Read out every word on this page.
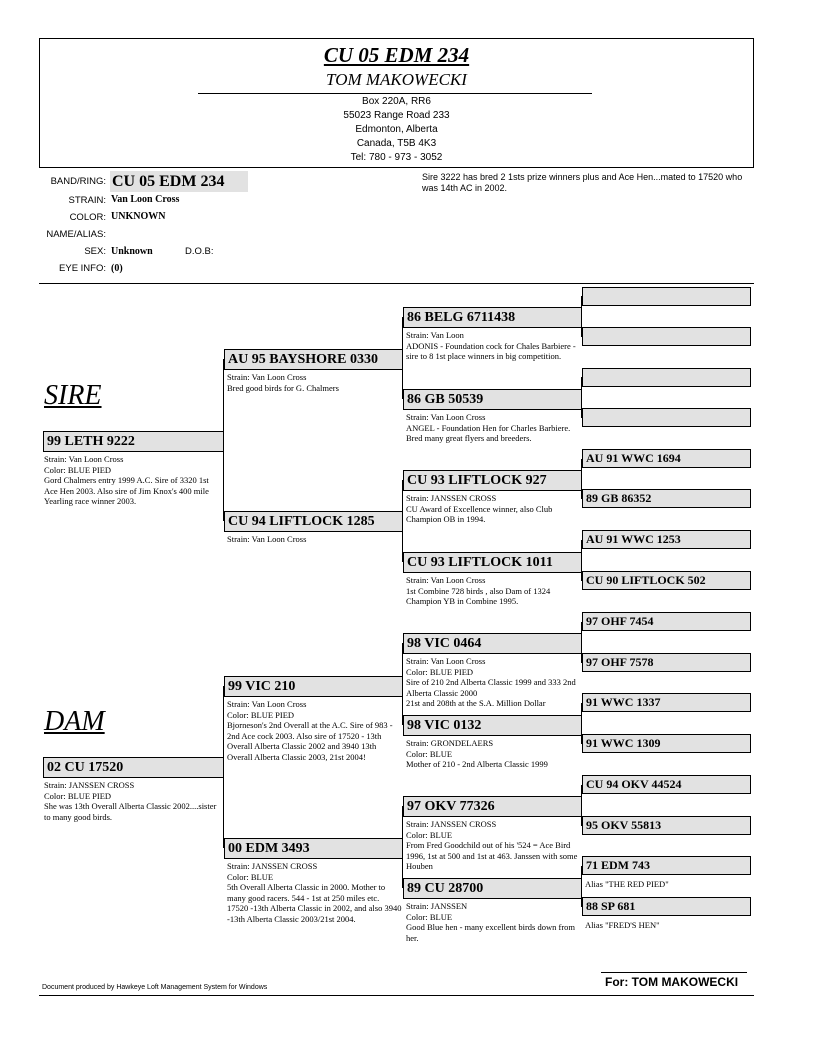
CU 05 EDM 234
TOM MAKOWECKI
Box 220A, RR6
55023 Range Road 233
Edmonton, Alberta
Canada, T5B 4K3
Tel: 780 - 973 - 3052
BAND/RING: CU 05 EDM 234
STRAIN: Van Loon Cross
COLOR: UNKNOWN
NAME/ALIAS:
SEX: Unknown	D.O.B:
EYE INFO: (0)
Sire 3222 has bred 2 1sts prize winners plus and Ace Hen...mated to 17520 who was 14th AC in 2002.
SIRE
DAM
99 LETH 9222
Strain: Van Loon Cross
Color: BLUE PIED
Gord Chalmers entry 1999 A.C. Sire of 3320 1st Ace Hen 2003. Also sire of Jim Knox's 400 mile Yearling race winner 2003.
02 CU 17520
Strain: JANSSEN CROSS
Color: BLUE PIED
She was 13th Overall Alberta Classic 2002....sister to many good birds.
AU 95 BAYSHORE 0330
Strain: Van Loon Cross
Bred good birds for G. Chalmers
CU 94 LIFTLOCK 1285
Strain: Van Loon Cross
99 VIC 210
Strain: Van Loon Cross
Color: BLUE PIED
Bjorneson's 2nd Overall at the A.C. Sire of 983 - 2nd Ace cock 2003. Also sire of 17520 - 13th Overall Alberta Classic 2002 and 3940 13th Overall Alberta Classic 2003, 21st 2004!
00 EDM 3493
Strain: JANSSEN CROSS
Color: BLUE
5th Overall Alberta Classic in 2000. Mother to many good racers. 544 - 1st at 250 miles etc. 17520 -13th Alberta Classic in 2002, and also 3940 -13th Alberta Classic 2003/21st 2004.
86 BELG 6711438
Strain: Van Loon
ADONIS - Foundation cock for Chales Barbiere - sire to 8 1st place winners in big competition.
86 GB 50539
Strain: Van Loon Cross
ANGEL - Foundation Hen for Charles Barbiere. Bred many great flyers and breeders.
CU 93 LIFTLOCK 927
Strain: JANSSEN CROSS
CU Award of Excellence winner, also Club Champion OB in 1994.
CU 93 LIFTLOCK 1011
Strain: Van Loon Cross
1st Combine 728 birds , also Dam of 1324 Champion YB in Combine 1995.
98 VIC 0464
Strain: Van Loon Cross
Color: BLUE PIED
Sire of 210 2nd Alberta Classic 1999 and 333 2nd Alberta Classic 2000
21st and 208th at the S.A. Million Dollar
98 VIC 0132
Strain: GRONDELAERS
Color: BLUE
Mother of 210 - 2nd Alberta Classic 1999
97 OKV 77326
Strain: JANSSEN CROSS
Color: BLUE
From Fred Goodchild out of his '524 = Ace Bird 1996, 1st at 500 and 1st at 463. Janssen with some Houben
89 CU 28700
Strain: JANSSEN
Color: BLUE
Good Blue hen - many excellent birds down from her.
AU 91 WWC 1694
89 GB 86352
AU 91 WWC 1253
CU 90 LIFTLOCK 502
97 OHF 7454
97 OHF 7578
91 WWC 1337
91 WWC 1309
CU 94 OKV 44524
95 OKV 55813
71 EDM 743
Alias "THE RED PIED"
88 SP 681
Alias "FRED'S HEN"
Document produced by Hawkeye Loft Management System for Windows	For: TOM MAKOWECKI
